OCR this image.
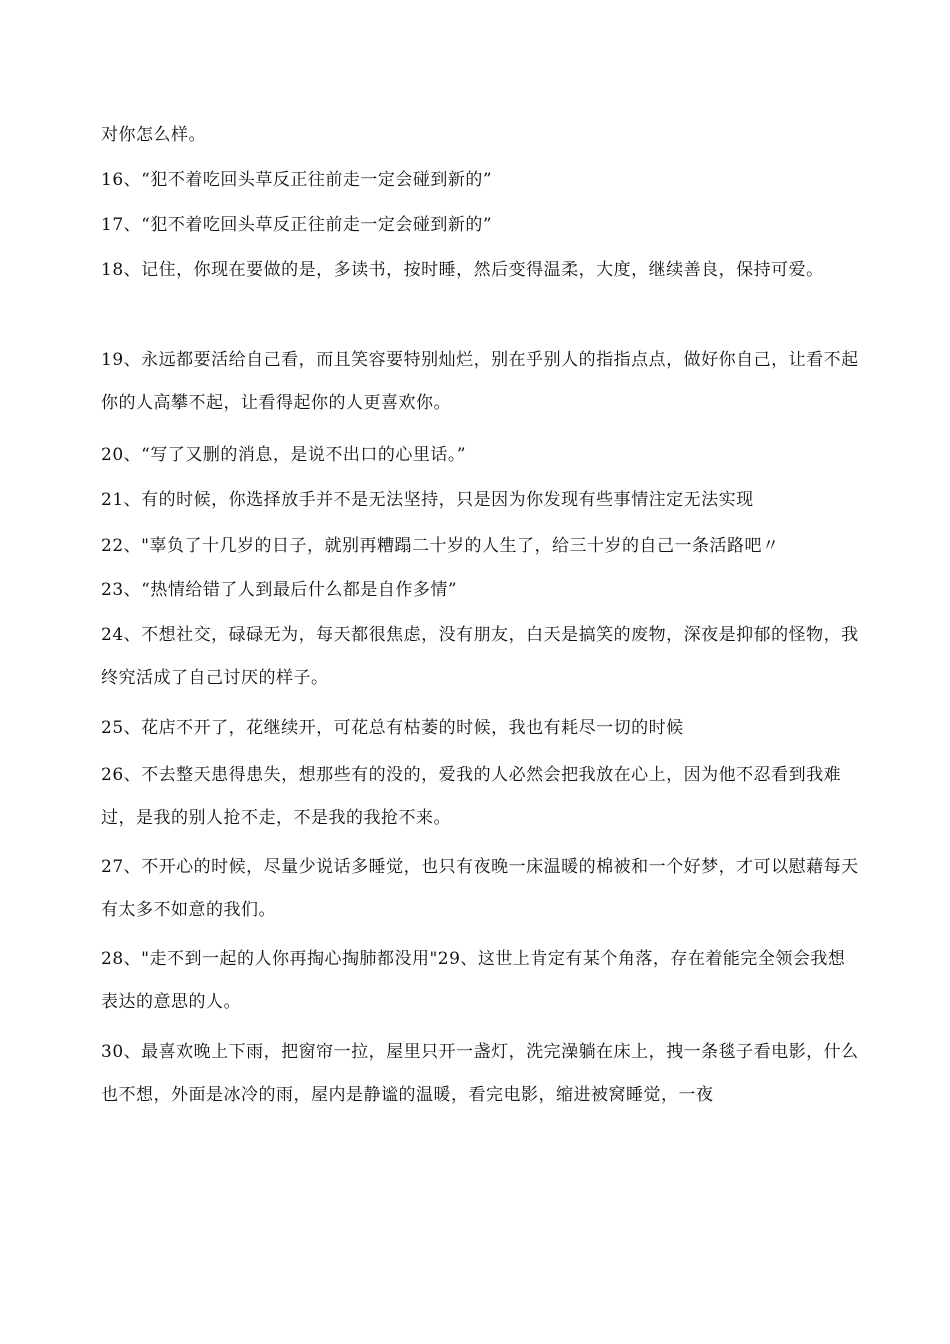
对你怎么样。

16、“犯不着吃回头草反正往前走一定会碰到新的”

17、“犯不着吃回头草反正往前走一定会碰到新的”

18、记住，你现在要做的是，多读书，按时睡，然后变得温柔，大度，继续善良，保持可爱。

19、永远都要活给自己看，而且笑容要特别灿烂，别在乎别人的指指点点，做好你自己，让看不起你的人高攀不起，让看得起你的人更喜欢你。

20、“写了又删的消息，是说不出口的心里话。”

21、有的时候，你选择放手并不是无法坚持，只是因为你发现有些事情注定无法实现

22、"辜负了十几岁的日子，就别再糟蹋二十岁的人生了，给三十岁的自己一条活路吧〃

23、“热情给错了人到最后什么都是自作多情”

24、不想社交，碌碌无为，每天都很焦虑，没有朋友，白天是搞笑的废物，深夜是抑郁的怪物，我终究活成了自己讨厌的样子。

25、花店不开了，花继续开，可花总有枯萎的时候，我也有耗尽一切的时候

26、不去整天患得患失，想那些有的没的，爱我的人必然会把我放在心上，因为他不忍看到我难过，是我的别人抢不走，不是我的我抢不来。

27、不开心的时候，尽量少说话多睡觉，也只有夜晚一床温暖的棉被和一个好梦，才可以慰藉每天有太多不如意的我们。

28、"走不到一起的人你再掏心掏肺都没用"29、这世上肯定有某个角落，存在着能完全领会我想表达的意思的人。

30、最喜欢晚上下雨，把窗帘一拉，屋里只开一盏灯，洗完澡躺在床上，拽一条毯子看电影，什么也不想，外面是冰冷的雨，屋内是静谧的温暖，看完电影，缩进被窝睡觉，一夜
